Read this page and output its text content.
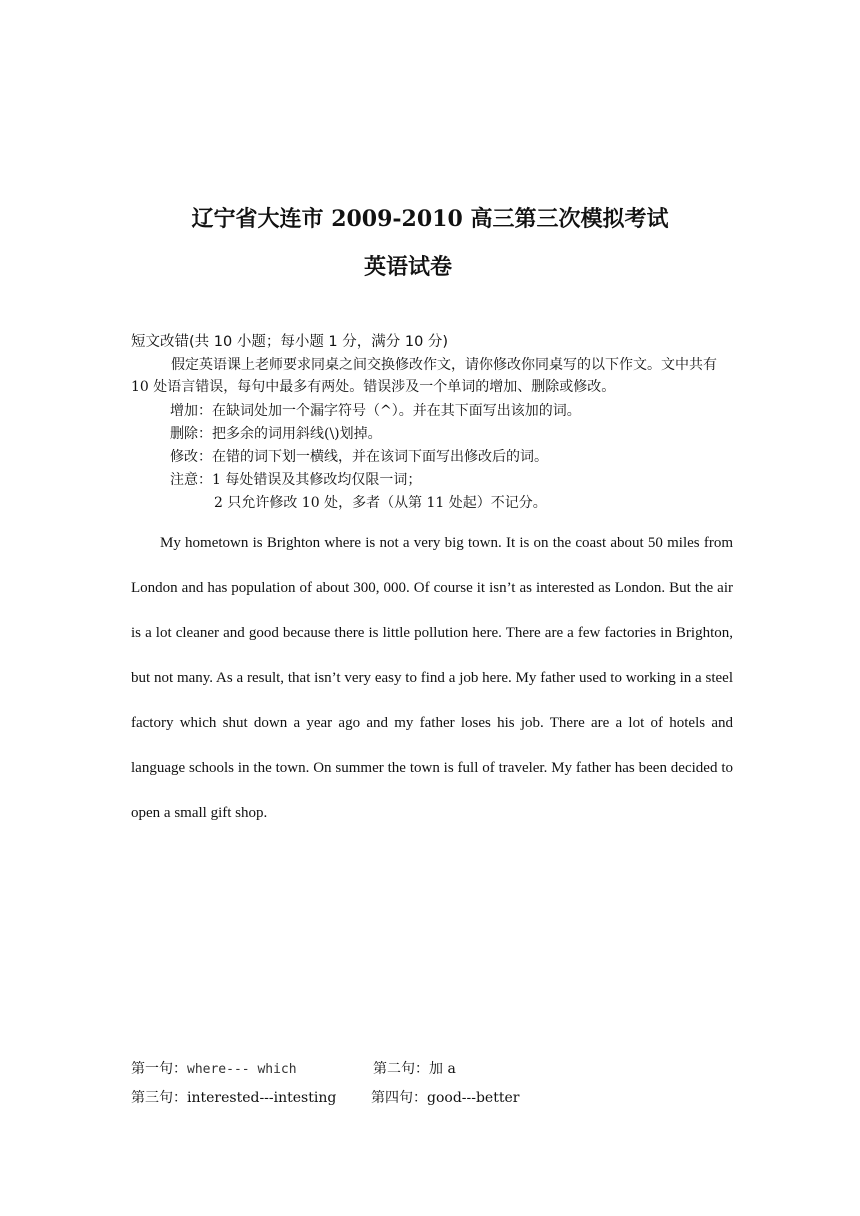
辽宁省大连市 2009-2010 高三第三次模拟考试
英语试卷
短文改错(共 10 小题；每小题 1 分，满分 10 分)
假定英语课上老师要求同桌之间交换修改作文，请你修改你同桌写的以下作文。文中共有 10 处语言错误，每句中最多有两处。错误涉及一个单词的增加、删除或修改。
增加：在缺词处加一个漏字符号（^）。并在其下面写出该加的词。
删除：把多余的词用斜线(\)划掉。
修改：在错的词下划一横线，并在该词下面写出修改后的词。
注意：1 每处错误及其修改均仅限一词；
2 只允许修改 10 处，多者（从第 11 处起）不记分。
My hometown is Brighton where is not a very big town. It is on the coast about 50 miles from London and has population of about 300, 000. Of course it isn’t as interested as London. But the air is a lot cleaner and good because there is little pollution here. There are a few factories in Brighton, but not many. As a result, that isn’t very easy to find a job here. My father used to working in a steel factory which shut down a year ago and my father loses his job. There are a lot of hotels and language schools in the town. On summer the town is full of traveler. My father has been decided to open a small gift shop.
第一句：where--- which	第二句：加 a
第三句：interested---intesting 第四句：good---better
